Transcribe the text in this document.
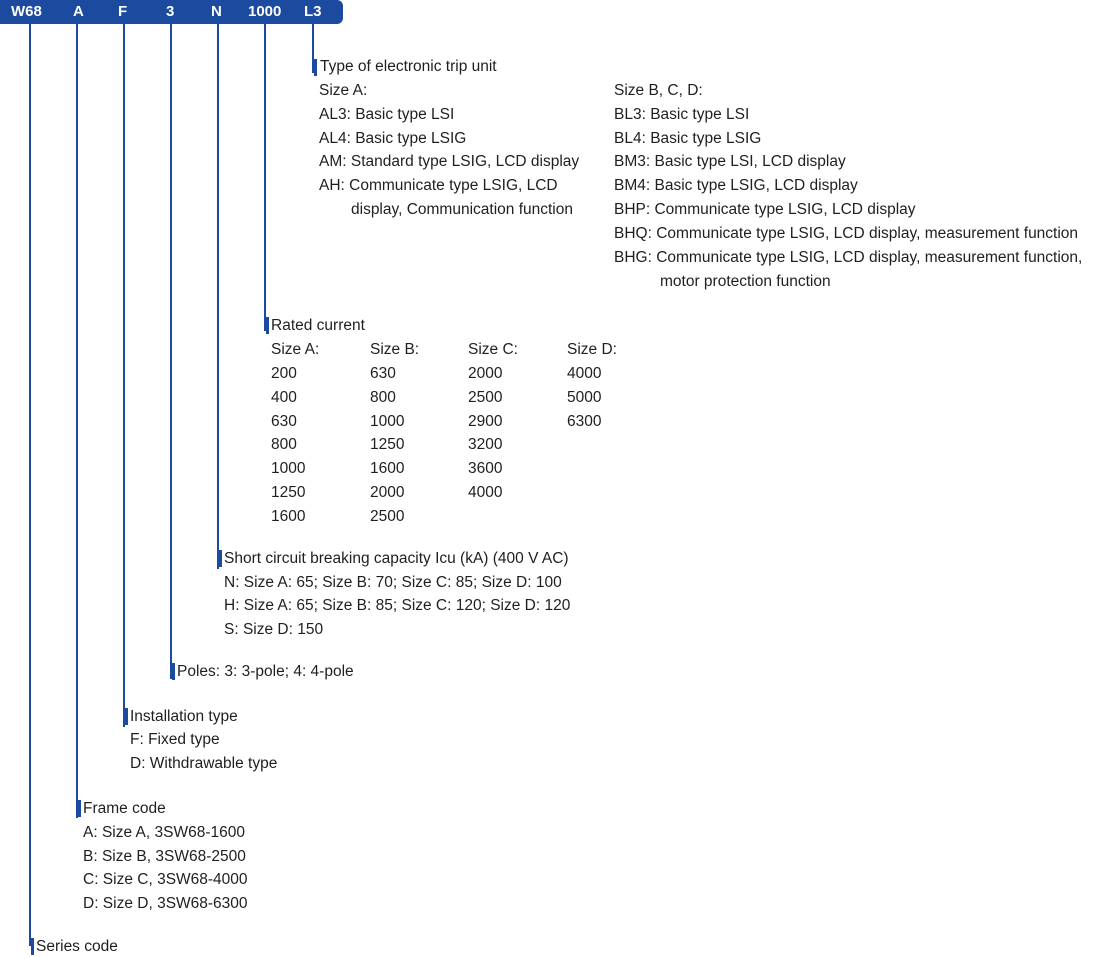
W68 A F	3 N 1000 L3
Type of electronic trip unit
Size A:
AL3: Basic type LSI
AL4: Basic type LSIG
AM: Standard type LSIG, LCD display
AH: Communicate type LSIG, LCD
display, Communication function
Size B, C, D:
BL3: Basic type LSI
BL4: Basic type LSIG
BM3: Basic type LSI, LCD display
BM4: Basic type LSIG, LCD display
BHP: Communicate type LSIG, LCD display
BHQ: Communicate type LSIG, LCD display, measurement function
BHG: Communicate type LSIG, LCD display, measurement function,
motor protection function
Rated current
Size A:
200
400
630
800
1000
1250
1600
Size B:
630
800
1000
1250
1600
2000
2500
Size C:
2000
2500
2900
3200
3600
4000
Size D:
4000
5000
6300
Short circuit breaking capacity Icu (kA) (400 V AC)
N: Size A: 65; Size B: 70; Size C: 85; Size D: 100
H: Size A: 65; Size B: 85; Size C: 120; Size D: 120
S: Size D: 150
Poles: 3: 3-pole; 4: 4-pole
Installation type
F: Fixed type
D: Withdrawable type
Frame code
A: Size A, 3SW68-1600
B: Size B, 3SW68-2500
C: Size C, 3SW68-4000
D: Size D, 3SW68-6300
Series code
